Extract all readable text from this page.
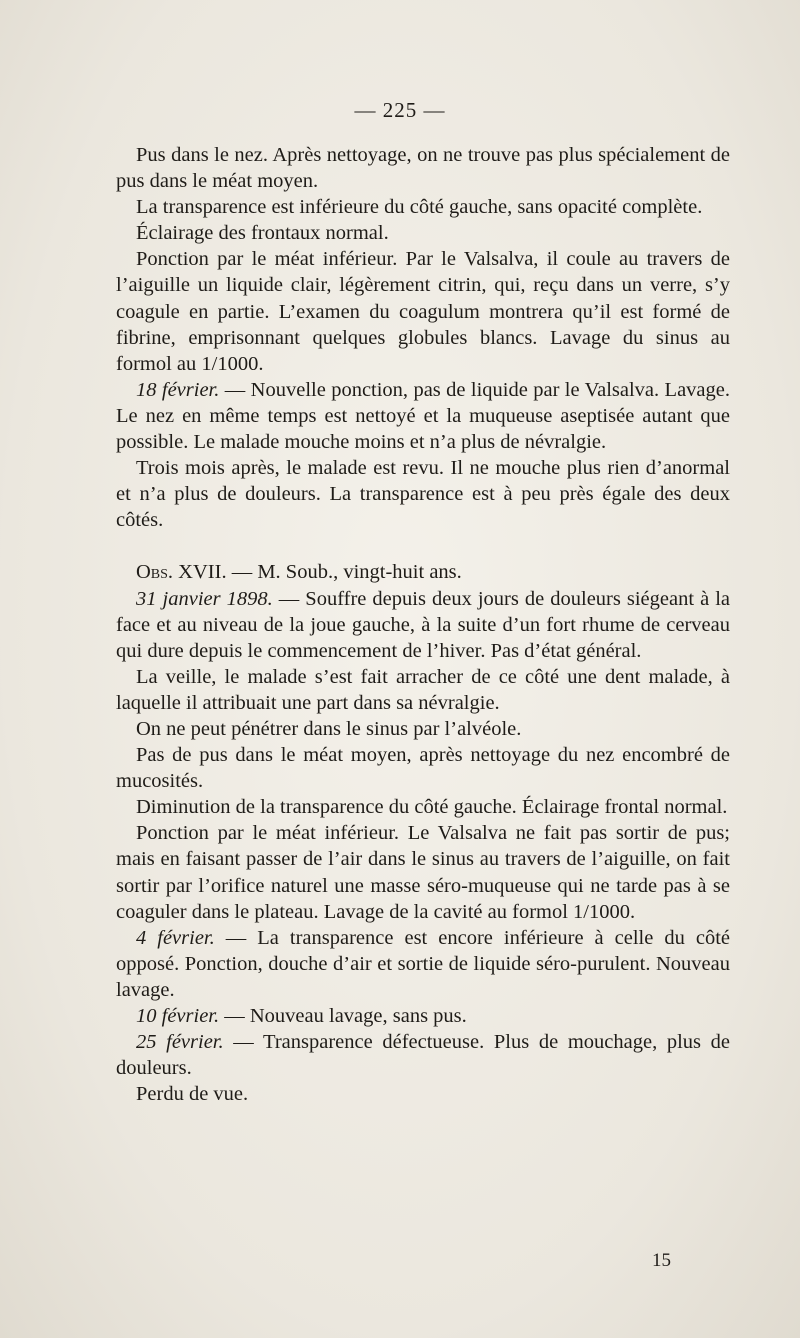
— 225 —

Pus dans le nez. Après nettoyage, on ne trouve pas plus spécialement de pus dans le méat moyen.

La transparence est inférieure du côté gauche, sans opacité complète.

Éclairage des frontaux normal.

Ponction par le méat inférieur. Par le Valsalva, il coule au travers de l’aiguille un liquide clair, légèrement citrin, qui, reçu dans un verre, s’y coagule en partie. L’examen du coagulum montrera qu’il est formé de fibrine, emprisonnant quelques globules blancs. Lavage du sinus au formol au 1/1000.

18 février. — Nouvelle ponction, pas de liquide par le Valsalva. Lavage. Le nez en même temps est nettoyé et la muqueuse aseptisée autant que possible. Le malade mouche moins et n’a plus de névralgie.

Trois mois après, le malade est revu. Il ne mouche plus rien d’anormal et n’a plus de douleurs. La transparence est à peu près égale des deux côtés.

Obs. XVII. — M. Soub., vingt-huit ans.

31 janvier 1898. — Souffre depuis deux jours de douleurs siégeant à la face et au niveau de la joue gauche, à la suite d’un fort rhume de cerveau qui dure depuis le commencement de l’hiver. Pas d’état général.

La veille, le malade s’est fait arracher de ce côté une dent malade, à laquelle il attribuait une part dans sa névralgie.

On ne peut pénétrer dans le sinus par l’alvéole.

Pas de pus dans le méat moyen, après nettoyage du nez encombré de mucosités.

Diminution de la transparence du côté gauche. Éclairage frontal normal.

Ponction par le méat inférieur. Le Valsalva ne fait pas sortir de pus; mais en faisant passer de l’air dans le sinus au travers de l’aiguille, on fait sortir par l’orifice naturel une masse séro-muqueuse qui ne tarde pas à se coaguler dans le plateau. Lavage de la cavité au formol 1/1000.

4 février. — La transparence est encore inférieure à celle du côté opposé. Ponction, douche d’air et sortie de liquide séro-purulent. Nouveau lavage.

10 février. — Nouveau lavage, sans pus.

25 février. — Transparence défectueuse. Plus de mouchage, plus de douleurs.

Perdu de vue.

15
